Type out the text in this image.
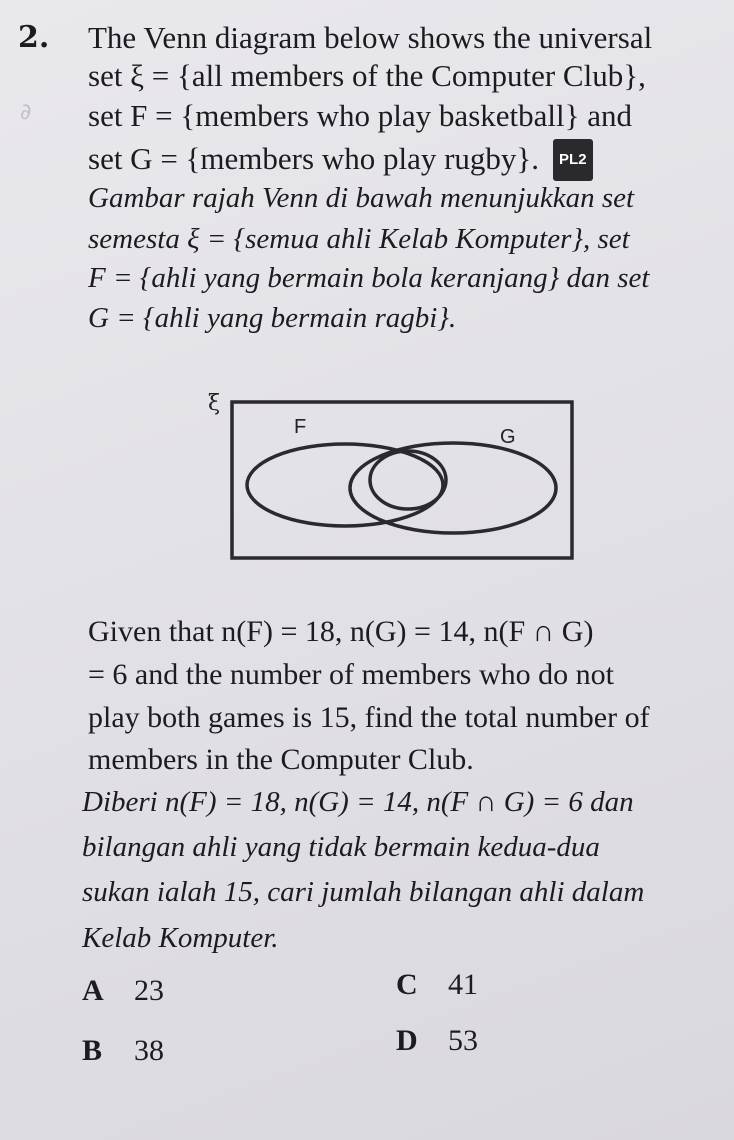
∂
2. The Venn diagram below shows the universal
set ξ = {all members of the Computer Club},
set F = {members who play basketball} and
set G = {members who play rugby}. PL2
Gambar rajah Venn di bawah menunjukkan set
semesta ξ = {semua ahli Kelab Komputer}, set
F = {ahli yang bermain bola keranjang} dan set
G = {ahli yang bermain ragbi}.
ξ
F	G
Given that n(F) = 18, n(G) = 14, n(F ∩ G)
= 6 and the number of members who do not
play both games is 15, find the total number of
members in the Computer Club.
Diberi n(F) = 18, n(G) = 14, n(F ∩ G) = 6 dan
bilangan ahli yang tidak bermain kedua-dua
sukan ialah 15, cari jumlah bilangan ahli dalam
Kelab Komputer.
A 23
B 38
C 41
D 53
